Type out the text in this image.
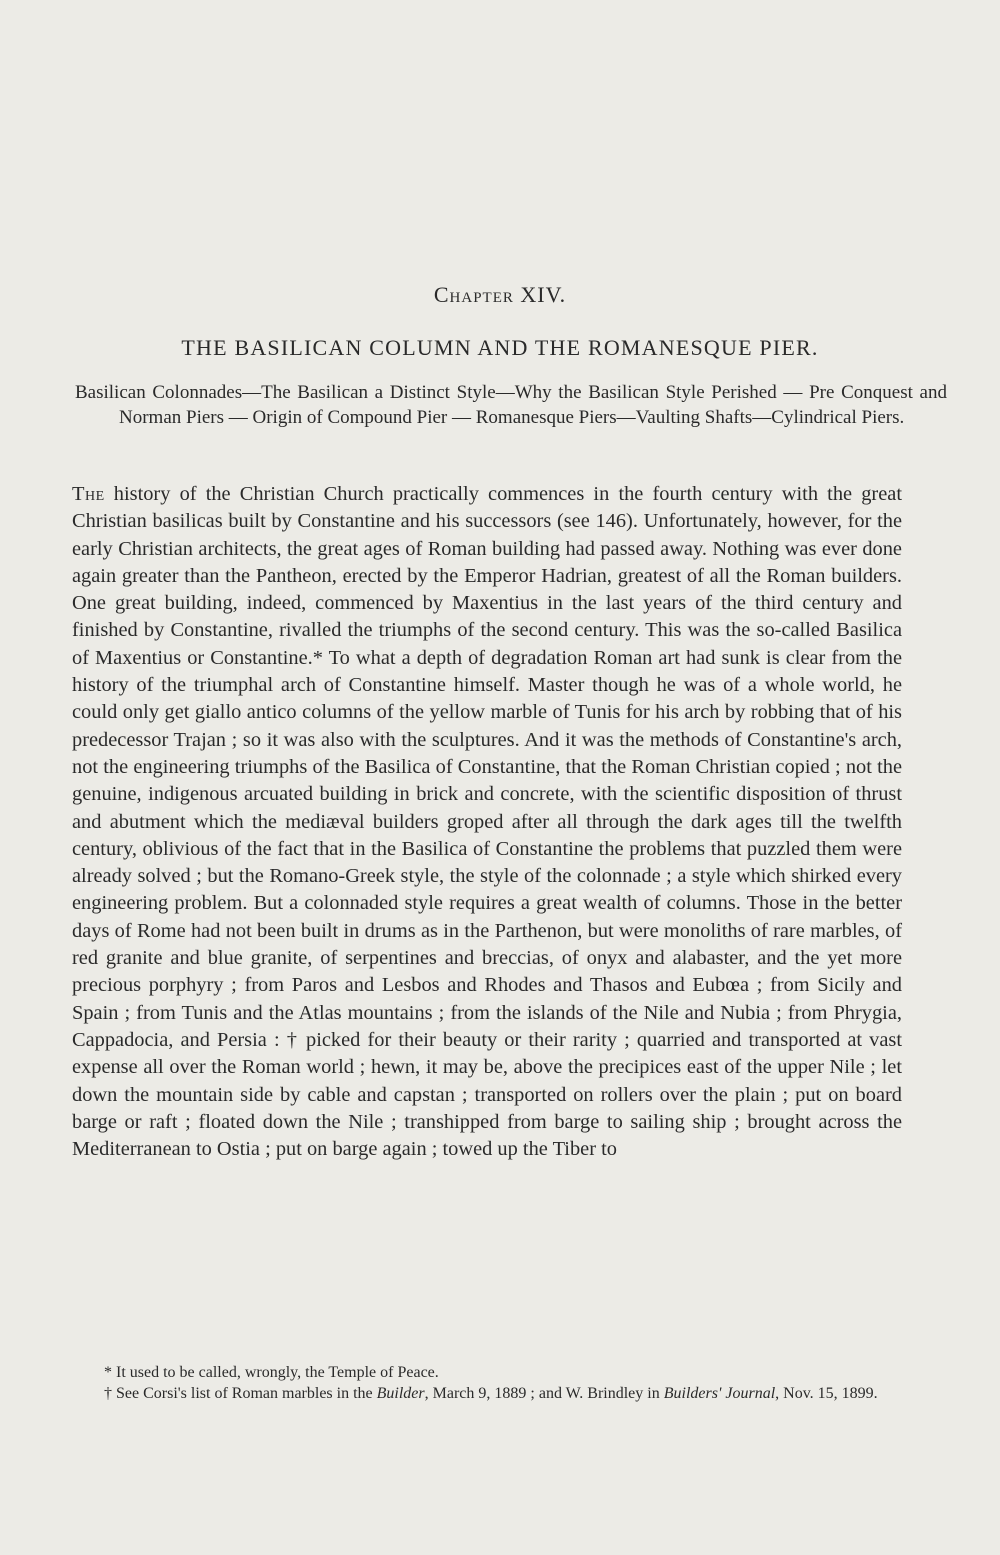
Chapter XIV.
THE BASILICAN COLUMN AND THE ROMANESQUE PIER.
Basilican Colonnades—The Basilican a Distinct Style—Why the Basilican Style Perished — Pre Conquest and Norman Piers — Origin of Compound Pier — Romanesque Piers—Vaulting Shafts—Cylindrical Piers.
The history of the Christian Church practically commences in the fourth century with the great Christian basilicas built by Constantine and his successors (see 146). Unfortunately, however, for the early Christian architects, the great ages of Roman building had passed away. Nothing was ever done again greater than the Pantheon, erected by the Emperor Hadrian, greatest of all the Roman builders. One great building, indeed, commenced by Maxentius in the last years of the third century and finished by Constantine, rivalled the triumphs of the second century. This was the so-called Basilica of Maxentius or Constantine.* To what a depth of degradation Roman art had sunk is clear from the history of the triumphal arch of Constantine himself. Master though he was of a whole world, he could only get giallo antico columns of the yellow marble of Tunis for his arch by robbing that of his predecessor Trajan ; so it was also with the sculptures. And it was the methods of Constantine's arch, not the engineering triumphs of the Basilica of Constantine, that the Roman Christian copied ; not the genuine, indigenous arcuated building in brick and concrete, with the scientific disposition of thrust and abutment which the mediæval builders groped after all through the dark ages till the twelfth century, oblivious of the fact that in the Basilica of Constantine the problems that puzzled them were already solved ; but the Romano-Greek style, the style of the colonnade ; a style which shirked every engineering problem. But a colonnaded style requires a great wealth of columns. Those in the better days of Rome had not been built in drums as in the Parthenon, but were monoliths of rare marbles, of red granite and blue granite, of serpentines and breccias, of onyx and alabaster, and the yet more precious porphyry ; from Paros and Lesbos and Rhodes and Thasos and Eubœa ; from Sicily and Spain ; from Tunis and the Atlas mountains ; from the islands of the Nile and Nubia ; from Phrygia, Cappadocia, and Persia : † picked for their beauty or their rarity ; quarried and transported at vast expense all over the Roman world ; hewn, it may be, above the precipices east of the upper Nile ; let down the mountain side by cable and capstan ; transported on rollers over the plain ; put on board barge or raft ; floated down the Nile ; transhipped from barge to sailing ship ; brought across the Mediterranean to Ostia ; put on barge again ; towed up the Tiber to

* It used to be called, wrongly, the Temple of Peace.

† See Corsi's list of Roman marbles in the Builder, March 9, 1889 ; and W. Brindley in Builders' Journal, Nov. 15, 1899.
